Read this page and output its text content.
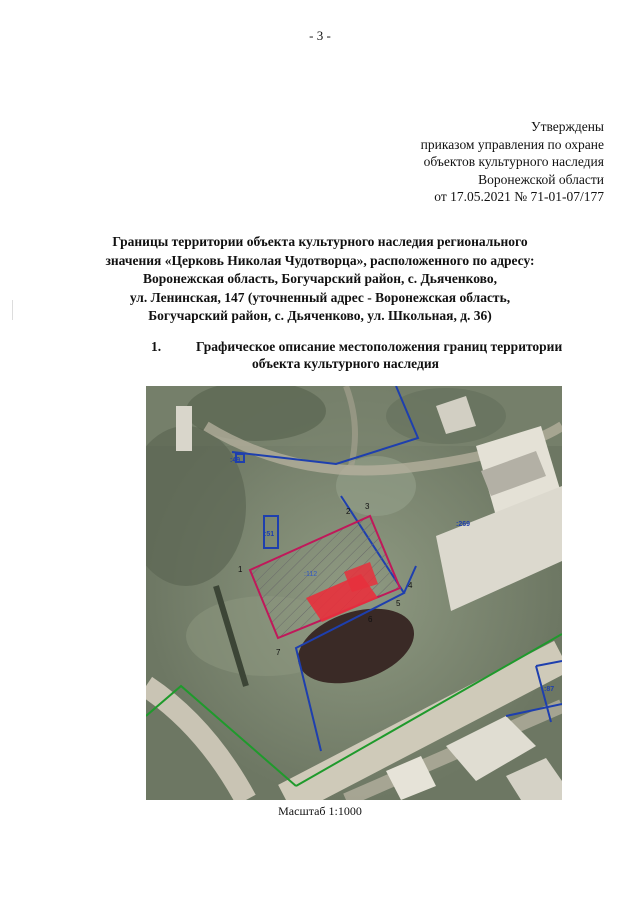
- 3 -
Утверждены
приказом управления по охране
объектов культурного наследия
Воронежской области
от 17.05.2021 № 71-01-07/177
Границы территории объекта культурного наследия регионального
значения «Церковь Николая Чудотворца», расположенного по адресу:
Воронежская область, Богучарский район, с. Дьяченково,
ул. Ленинская, 147 (уточненный адрес - Воронежская область,
Богучарский район, с. Дьяченково, ул. Школьная, д. 36)
1.	Графическое описание местоположения границ территории
объекта культурного наследия
:49
:51
:112
:269
:87
1
2
3
4
5
6
7
Масштаб 1:1000
